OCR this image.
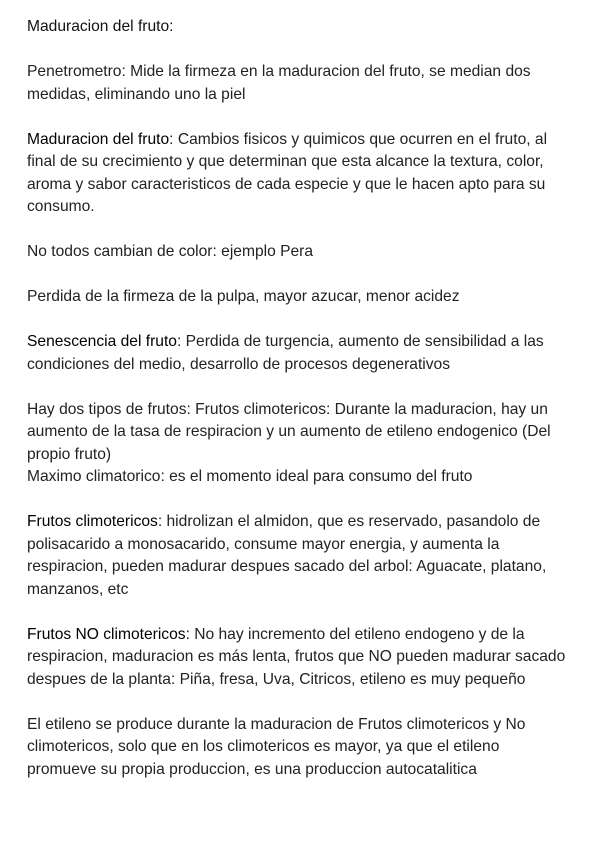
Maduracion del fruto:

Penetrometro: Mide la firmeza en la maduracion del fruto, se median dos medidas, eliminando uno la piel

Maduracion del fruto: Cambios fisicos y quimicos que ocurren en el fruto, al final de su crecimiento y que determinan que esta alcance la textura, color, aroma y sabor caracteristicos de cada especie y que le hacen apto para su consumo.

No todos cambian de color: ejemplo Pera

Perdida de la firmeza de la pulpa, mayor azucar, menor acidez

Senescencia del fruto: Perdida de turgencia, aumento de sensibilidad a las condiciones del medio, desarrollo de procesos degenerativos

Hay dos tipos de frutos: Frutos climotericos: Durante la maduracion, hay un aumento de la tasa de respiracion y un aumento de etileno endogenico (Del propio fruto)

Maximo climatorico: es el momento ideal para consumo del fruto

Frutos climotericos: hidrolizan el almidon, que es reservado, pasandolo de polisacarido a monosacarido, consume mayor energia, y aumenta la respiracion, pueden madurar despues sacado del arbol: Aguacate, platano, manzanos, etc

Frutos NO climotericos: No hay incremento del etileno endogeno y de la respiracion, maduracion es más lenta, frutos que NO pueden madurar sacado despues de la planta: Piña, fresa, Uva, Citricos, etileno es muy pequeño

El etileno se produce durante la maduracion de Frutos climotericos y No climotericos, solo que en los climotericos es mayor, ya que el etileno promueve su propia produccion, es una produccion autocatalitica
